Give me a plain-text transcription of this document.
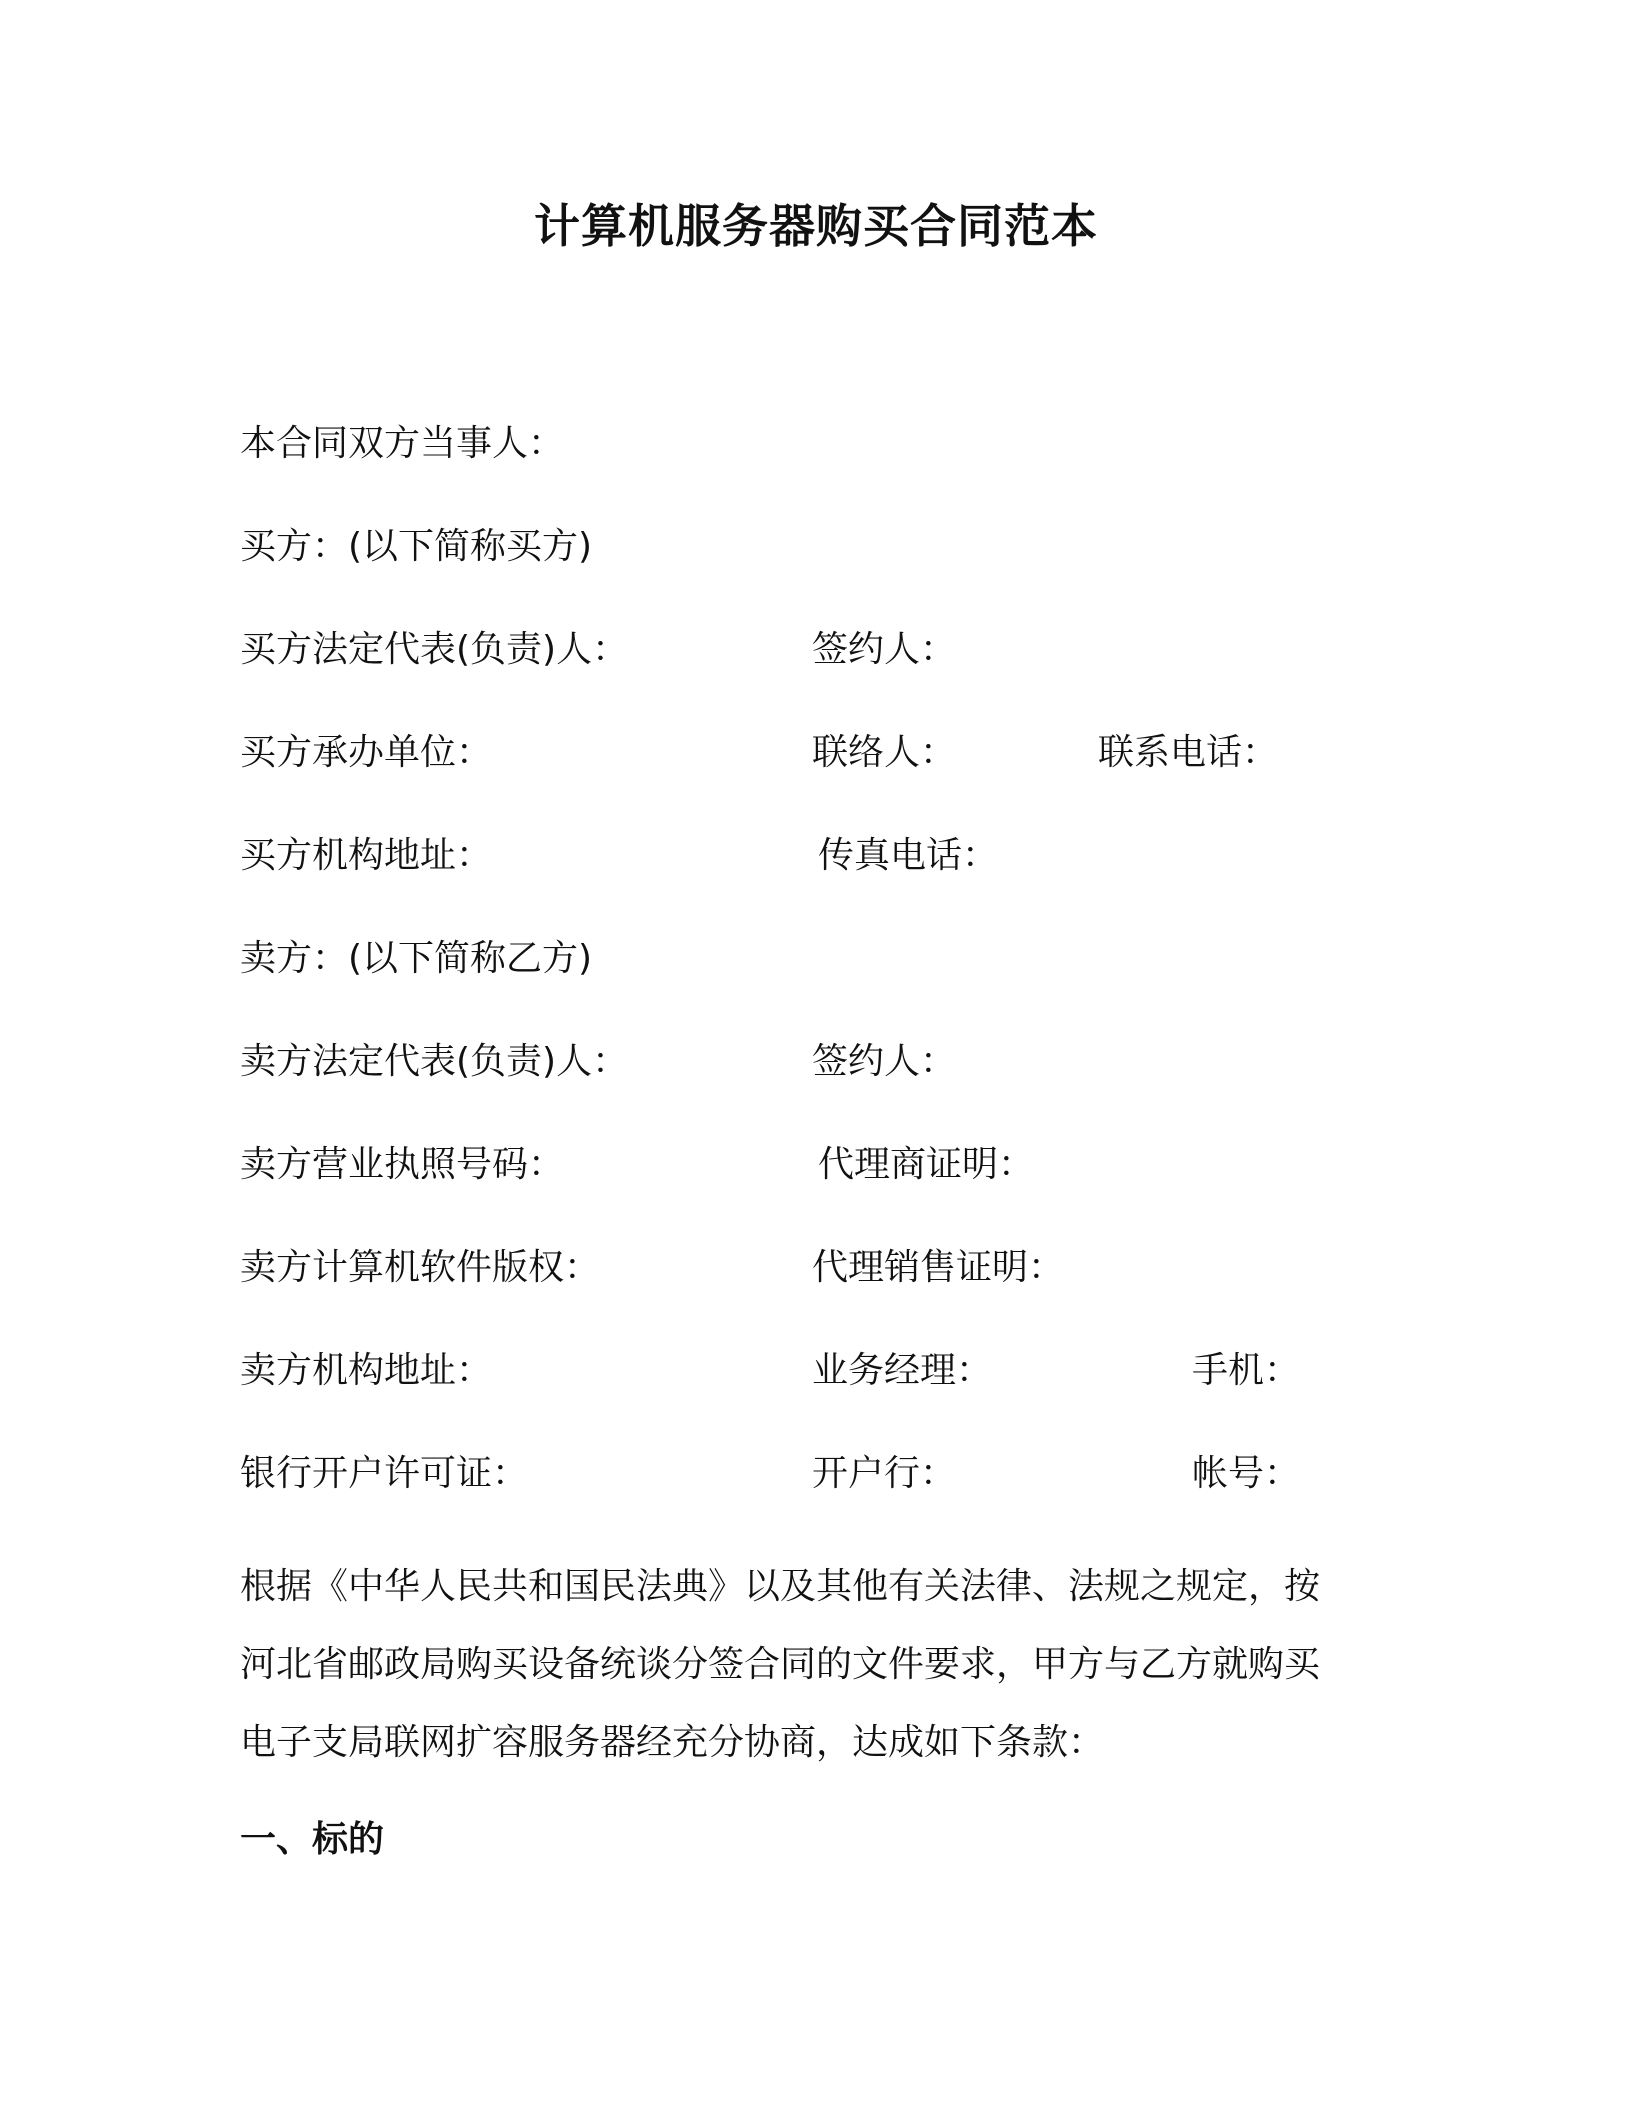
计算机服务器购买合同范本
本合同双方当事人：
买方：(以下简称买方)
买方法定代表(负责)人：	签约人：
买方承办单位：	联络人：	联系电话：
买方机构地址：	传真电话：
卖方：(以下简称乙方)
卖方法定代表(负责)人：	签约人：
卖方营业执照号码：	代理商证明：
卖方计算机软件版权：	代理销售证明：
卖方机构地址：	业务经理：	手机：
银行开户许可证：	开户行：	帐号：
根据《中华人民共和国民法典》以及其他有关法律、法规之规定，按
河北省邮政局购买设备统谈分签合同的文件要求，甲方与乙方就购买
电子支局联网扩容服务器经充分协商，达成如下条款：
一、标的
